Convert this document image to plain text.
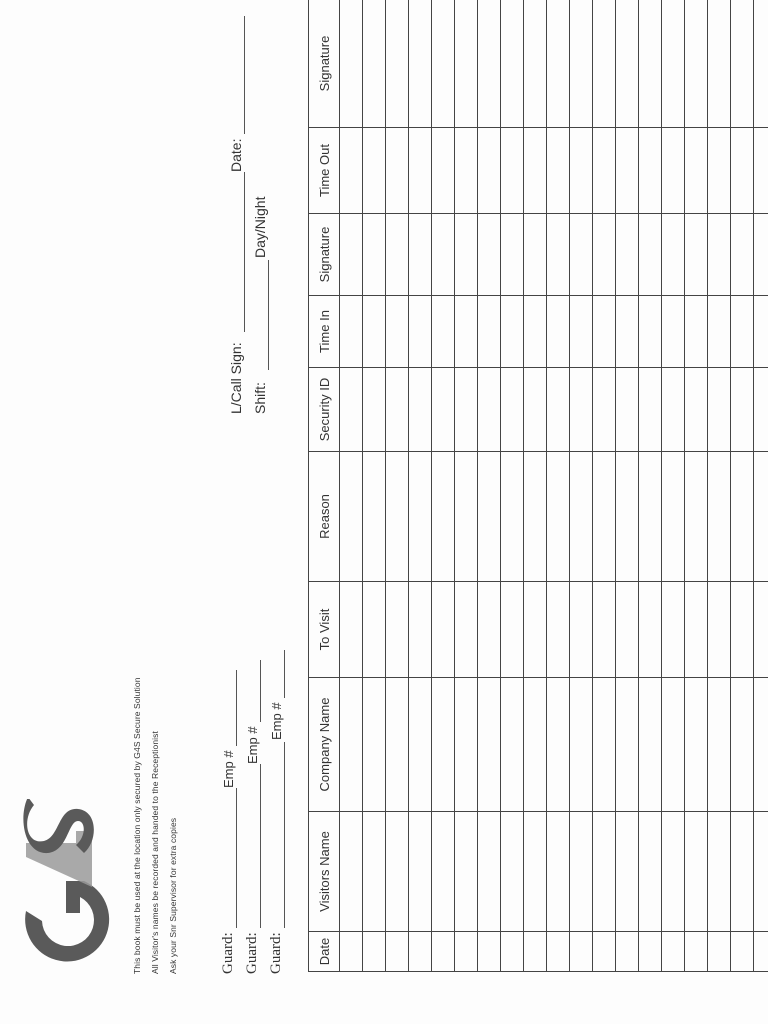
This book must be used at the location only secured by G4S Secure Solution All Visitor's names be recorded and handed to the Receptionist Ask your Snr Supervisor for extra copies	Guard:
Emp #
Guard:
Emp #
Guard:
Emp #
L/Call Sign:
Date:
Shift:
Day/Night
Date	Visitors Name	Company Name	To Visit	Reason	Security ID	Time In	Signature	Time Out	Signature
